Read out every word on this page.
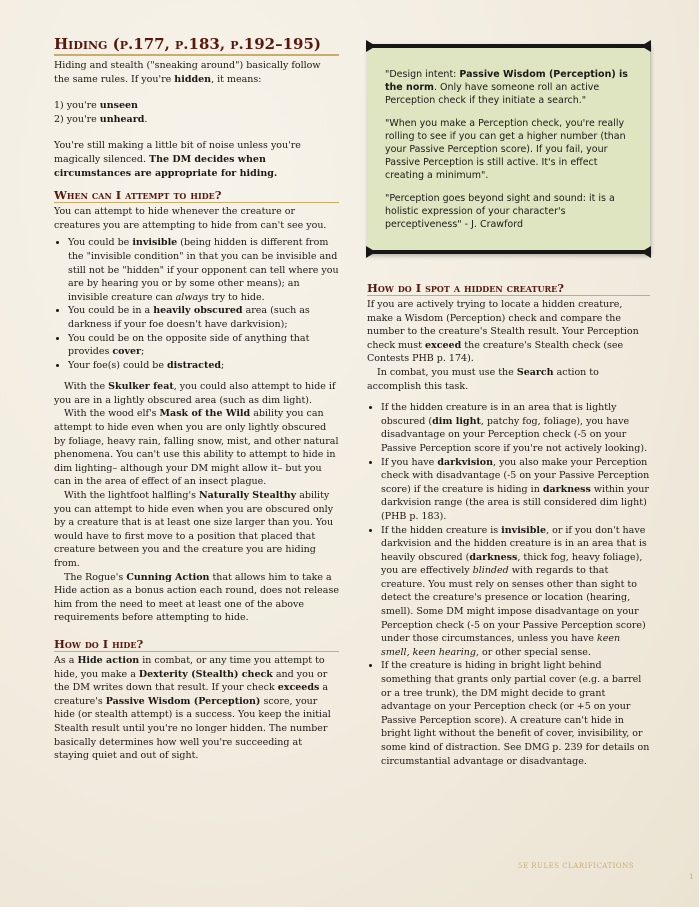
Hiding (p.177, p.183, p.192–195)

Hiding and stealth ("sneaking around") basically follow the same rules. If you're hidden, it means:

1) you're unseen

2) you're unheard.

You're still making a little bit of noise unless you're magically silenced. The DM decides when circumstances are appropriate for hiding.

When can I attempt to hide?

You can attempt to hide whenever the creature or creatures you are attempting to hide from can't see you.

• You could be invisible (being hidden is different from the "invisible condition" in that you can be invisible and still not be "hidden" if your opponent can tell where you are by hearing you or by some other means); an invisible creature can always try to hide.
• You could be in a heavily obscured area (such as darkness if your foe doesn't have darkvision);
• You could be on the opposite side of anything that provides cover;
• Your foe(s) could be distracted;

With the Skulker feat, you could also attempt to hide if you are in a lightly obscured area (such as dim light).

With the wood elf's Mask of the Wild ability you can attempt to hide even when you are only lightly obscured by foliage, heavy rain, falling snow, mist, and other natural phenomena. You can't use this ability to attempt to hide in dim lighting– although your DM might allow it– but you can in the area of effect of an insect plague.

With the lightfoot halfling's Naturally Stealthy ability you can attempt to hide even when you are obscured only by a creature that is at least one size larger than you. You would have to first move to a position that placed that creature between you and the creature you are hiding from.

The Rogue's Cunning Action that allows him to take a Hide action as a bonus action each round, does not release him from the need to meet at least one of the above requirements before attempting to hide.

How do I hide?

As a Hide action in combat, or any time you attempt to hide, you make a Dexterity (Stealth) check and you or the DM writes down that result. If your check exceeds a creature's Passive Wisdom (Perception) score, your hide (or stealth attempt) is a success. You keep the initial Stealth result until you're no longer hidden. The number basically determines how well you're succeeding at staying quiet and out of sight.

"Design intent: Passive Wisdom (Perception) is the norm. Only have someone roll an active Perception check if they initiate a search."

"When you make a Perception check, you're really rolling to see if you can get a higher number (than your Passive Perception score). If you fail, your Passive Perception is still active. It's in effect creating a minimum".

"Perception goes beyond sight and sound: it is a holistic expression of your character's perceptiveness" - J. Crawford

How do I spot a hidden creature?

If you are actively trying to locate a hidden creature, make a Wisdom (Perception) check and compare the number to the creature's Stealth result. Your Perception check must exceed the creature's Stealth check (see Contests PHB p. 174).

In combat, you must use the Search action to accomplish this task.

• If the hidden creature is in an area that is lightly obscured (dim light, patchy fog, foliage), you have disadvantage on your Perception check (-5 on your Passive Perception score if you're not actively looking).
• If you have darkvision, you also make your Perception check with disadvantage (-5 on your Passive Perception score) if the creature is hiding in darkness within your darkvision range (the area is still considered dim light) (PHB p. 183).
• If the hidden creature is invisible, or if you don't have darkvision and the hidden creature is in an area that is heavily obscured (darkness, thick fog, heavy foliage), you are effectively blinded with regards to that creature. You must rely on senses other than sight to detect the creature's presence or location (hearing, smell). Some DM might impose disadvantage on your Perception check (-5 on your Passive Perception score) under those circumstances, unless you have keen smell, keen hearing, or other special sense.
• If the creature is hiding in bright light behind something that grants only partial cover (e.g. a barrel or a tree trunk), the DM might decide to grant advantage on your Perception check (or +5 on your Passive Perception score). A creature can't hide in bright light without the benefit of cover, invisibility, or some kind of distraction. See DMG p. 239 for details on circumstantial advantage or disadvantage.
5E RULES CLARIFICATIONS
1
